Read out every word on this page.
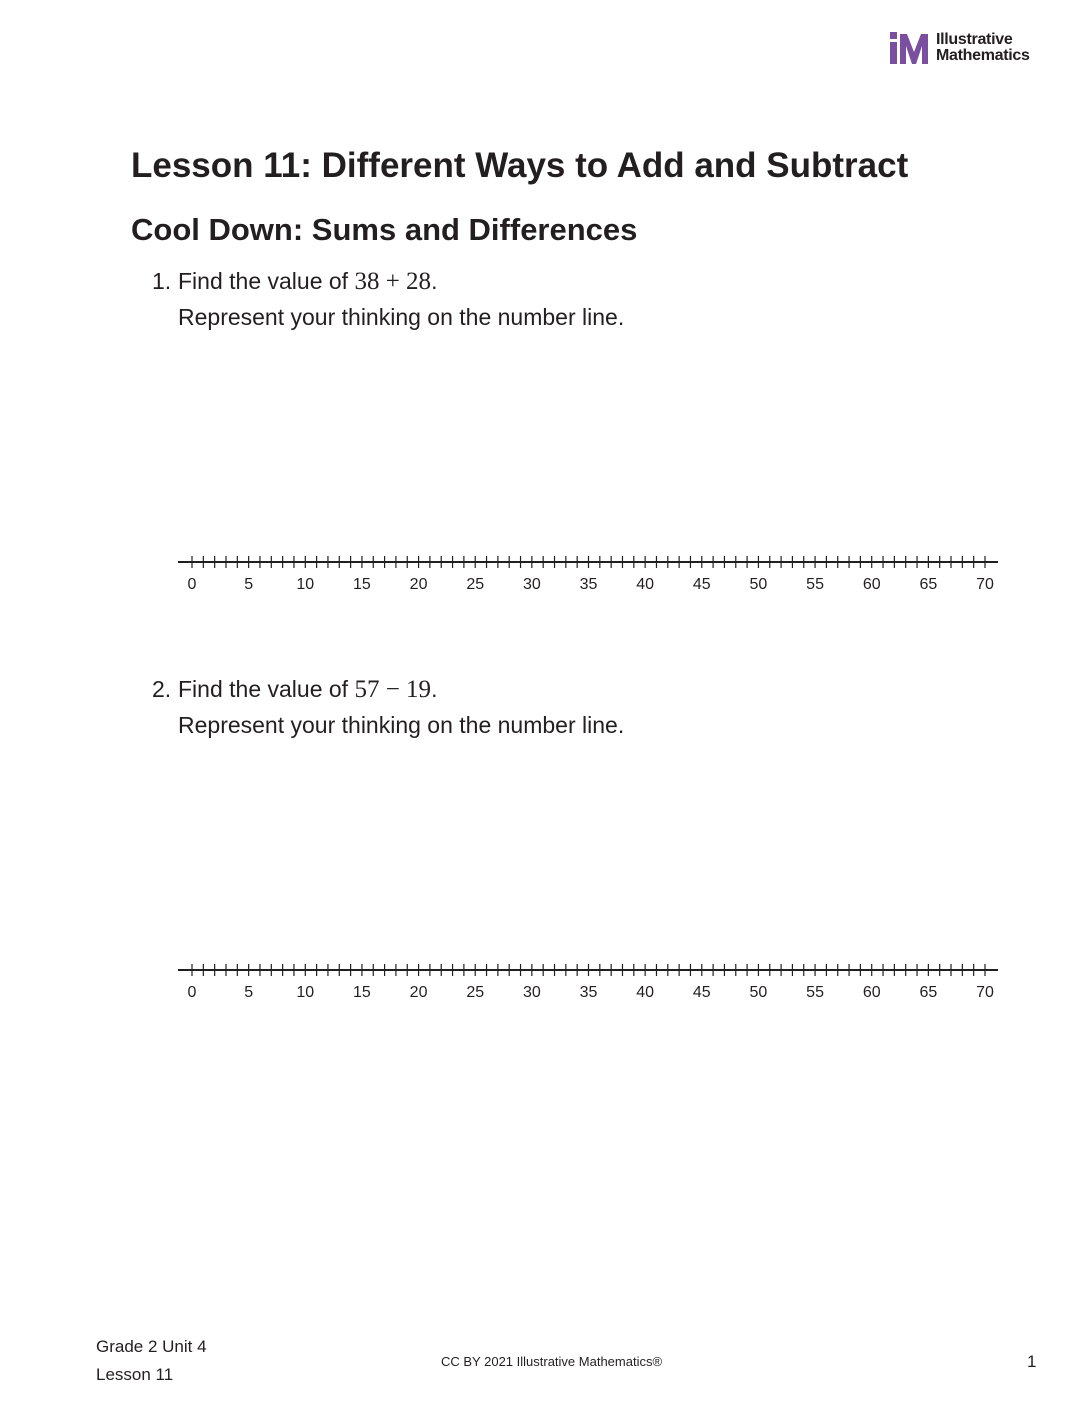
Illustrative
Mathematics
Lesson 11: Different Ways to Add and Subtract
Cool Down: Sums and Differences
1. Find the value of 38 + 28.
Represent your thinking on the number line.
0	5	10 15 20 25 30 35 40 45 50 55 60 65 70
2. Find the value of 57 − 19.
Represent your thinking on the number line.
0	5	10 15 20 25 30 35 40 45 50 55 60 65 70
Grade 2 Unit 4
Lesson 11
CC BY 2021 Illustrative Mathematics®	1
